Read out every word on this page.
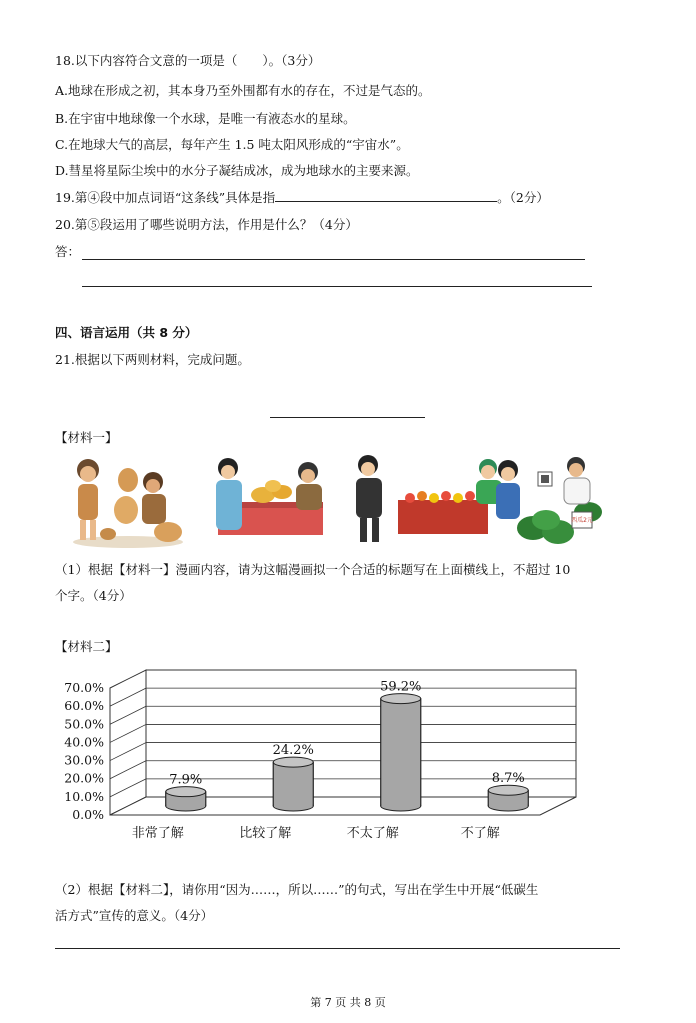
18.以下内容符合文意的一项是（　　）。（3分）
A.地球在形成之初，其本身乃至外围都有水的存在，不过是气态的。
B.在宇宙中地球像一个水球，是唯一有液态水的星球。
C.在地球大气的高层，每年产生 1.5 吨太阳风形成的“宇宙水”。
D.彗星将星际尘埃中的水分子凝结成冰，成为地球水的主要来源。
19.第④段中加点词语“这条线”具体是指	。（2分）
20.第⑤段运用了哪些说明方法，作用是什么？（4分）
答：
四、语言运用（共 8 分）
21.根据以下两则材料，完成问题。
【材料一】
西瓜2元
（1）根据【材料一】漫画内容，请为这幅漫画拟一个合适的标题写在上面横线上，不超过 10
个字。（4分）
【材料二】
70.0%
60.0%
50.0%
40.0%
30.0%
20.0%
10.0%
0.0%
7.9%
24.2%
59.2%
8.7%
非常了解	比较了解	不太了解	不了解
（2）根据【材料二】，请你用“因为……，所以……”的句式，写出在学生中开展“低碳生
活方式”宣传的意义。（4分）
第 7 页 共 8 页
